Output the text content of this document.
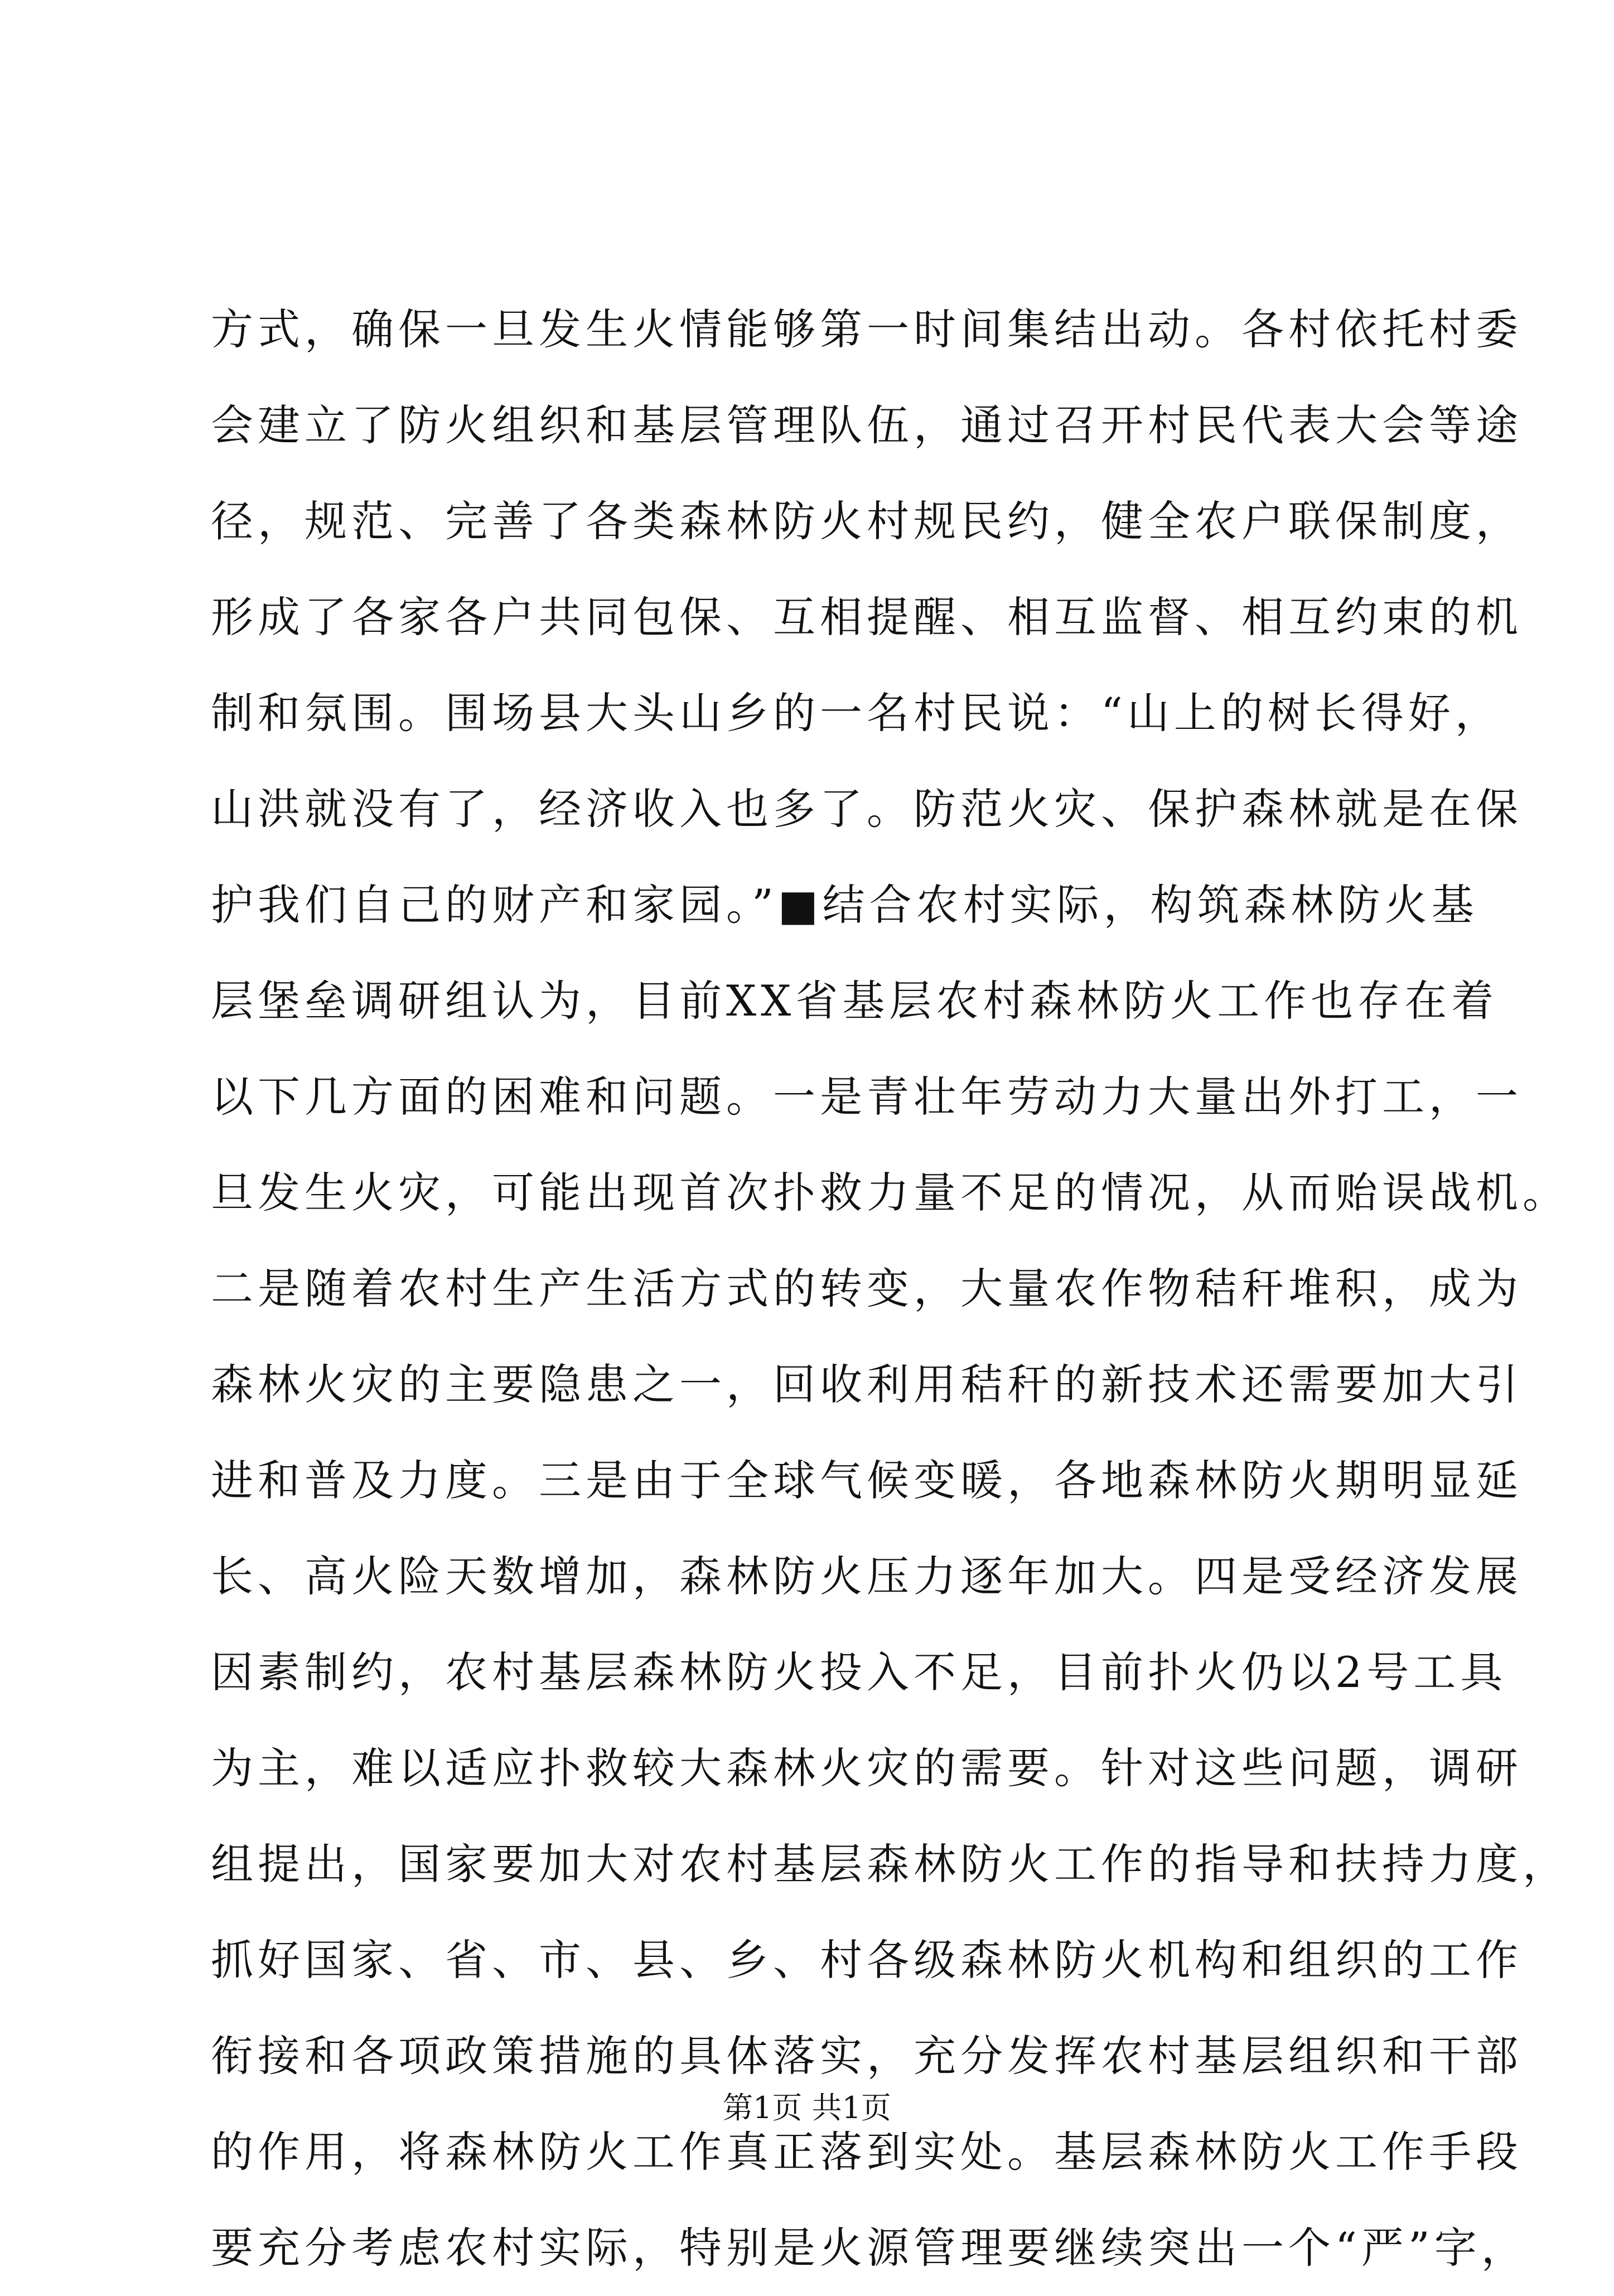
方式，确保一旦发生火情能够第一时间集结出动。各村依托村委
会建立了防火组织和基层管理队伍，通过召开村民代表大会等途
径，规范、完善了各类森林防火村规民约，健全农户联保制度，
形成了各家各户共同包保、互相提醒、相互监督、相互约束的机
制和氛围。围场县大头山乡的一名村民说：“山上的树长得好，
山洪就没有了，经济收入也多了。防范火灾、保护森林就是在保
护我们自己的财产和家园。”■结合农村实际，构筑森林防火基
层堡垒调研组认为，目前XX省基层农村森林防火工作也存在着
以下几方面的困难和问题。一是青壮年劳动力大量出外打工，一
旦发生火灾，可能出现首次扑救力量不足的情况，从而贻误战机。
二是随着农村生产生活方式的转变，大量农作物秸秆堆积，成为
森林火灾的主要隐患之一，回收利用秸秆的新技术还需要加大引
进和普及力度。三是由于全球气候变暖，各地森林防火期明显延
长、高火险天数增加，森林防火压力逐年加大。四是受经济发展
因素制约，农村基层森林防火投入不足，目前扑火仍以2号工具
为主，难以适应扑救较大森林火灾的需要。针对这些问题，调研
组提出，国家要加大对农村基层森林防火工作的指导和扶持力度，
抓好国家、省、市、县、乡、村各级森林防火机构和组织的工作
衔接和各项政策措施的具体落实，充分发挥农村基层组织和干部
的作用，将森林防火工作真正落到实处。基层森林防火工作手段
要充分考虑农村实际，特别是火源管理要继续突出一个“严”字，
第1页 共1页
